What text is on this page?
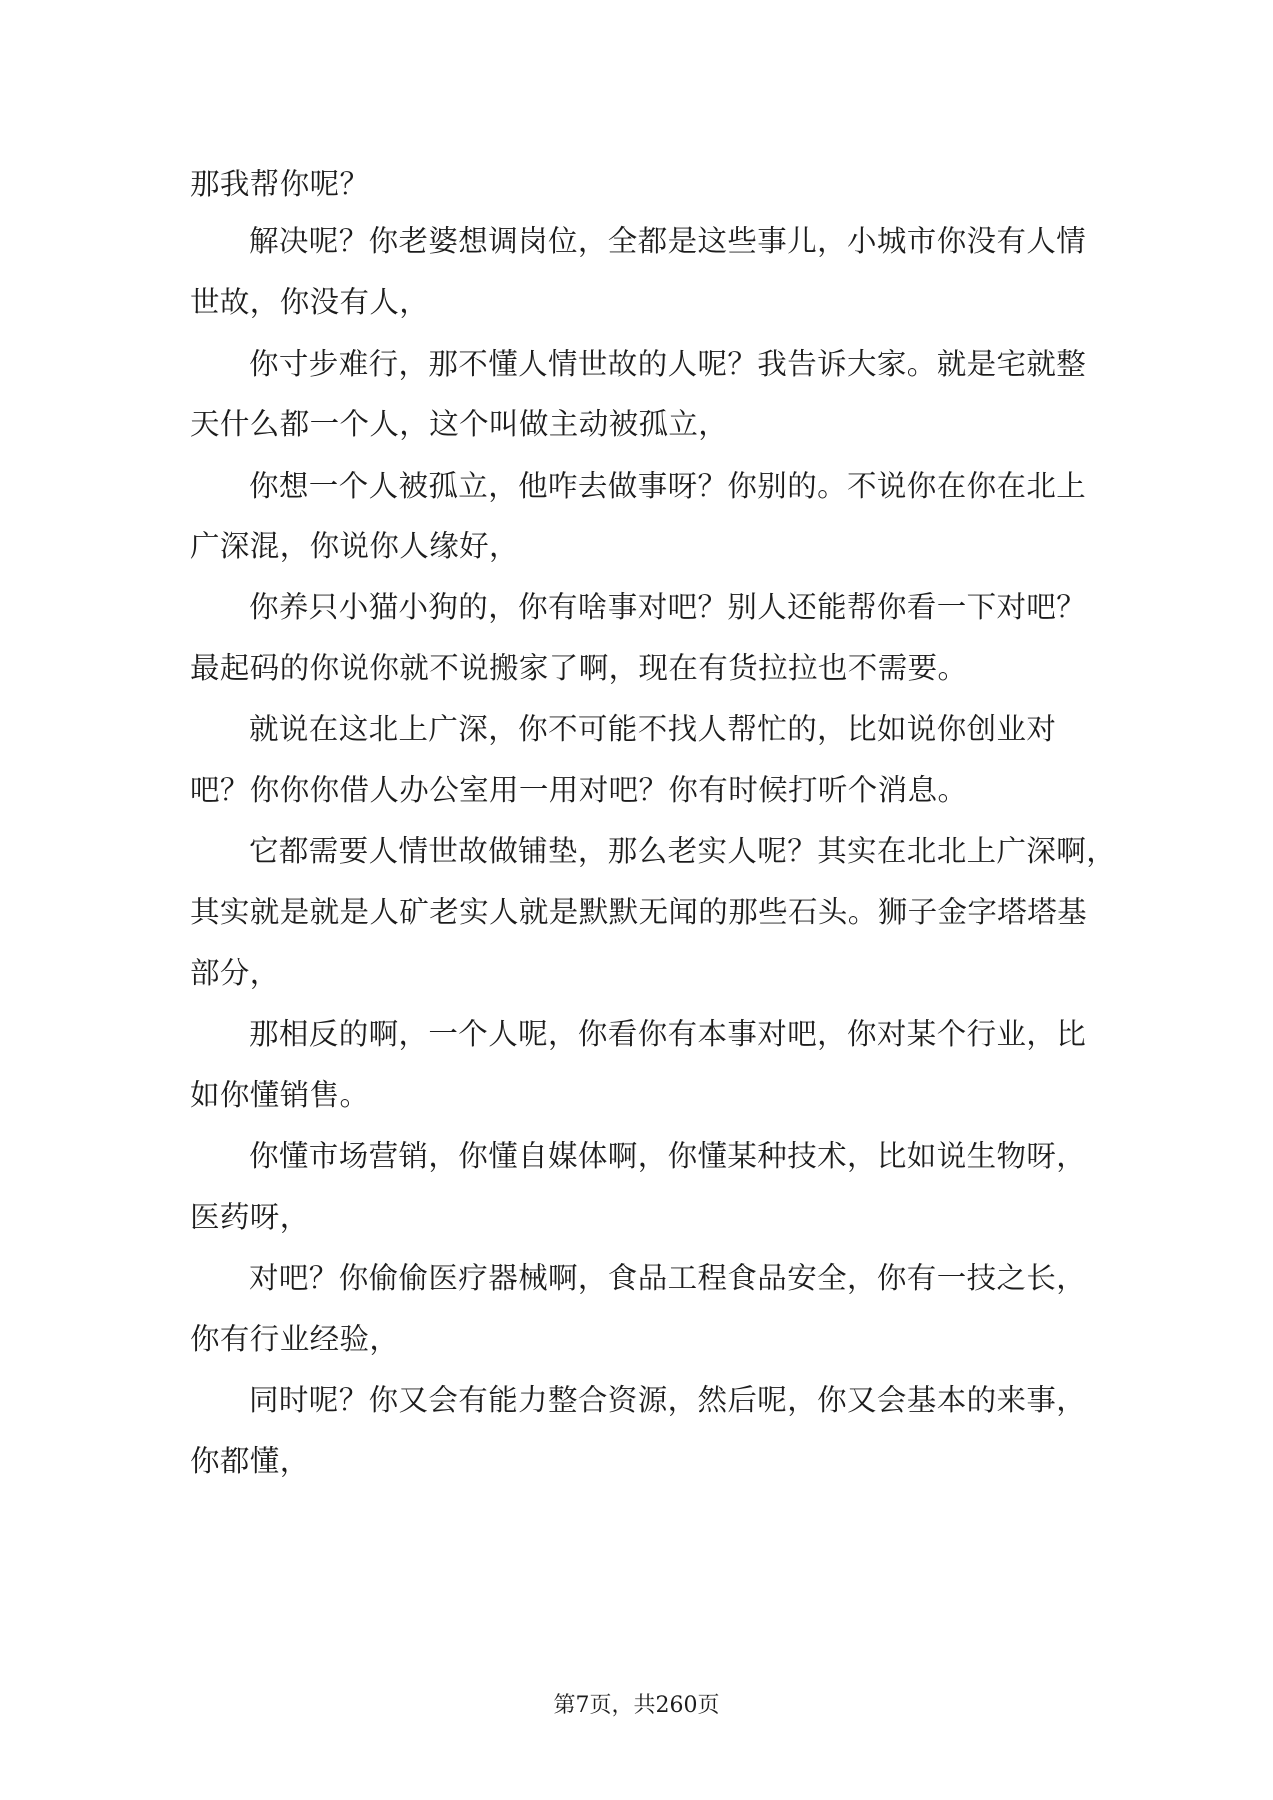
那我帮你呢？
解决呢？你老婆想调岗位，全都是这些事儿，小城市你没有人情
世故，你没有人，
你寸步难行，那不懂人情世故的人呢？我告诉大家。就是宅就整
天什么都一个人，这个叫做主动被孤立，
你想一个人被孤立，他咋去做事呀？你别的。不说你在你在北上
广深混，你说你人缘好，
你养只小猫小狗的，你有啥事对吧？别人还能帮你看一下对吧？
最起码的你说你就不说搬家了啊，现在有货拉拉也不需要。
就说在这北上广深，你不可能不找人帮忙的，比如说你创业对
吧？你你你借人办公室用一用对吧？你有时候打听个消息。
它都需要人情世故做铺垫，那么老实人呢？其实在北北上广深啊，
其实就是就是人矿老实人就是默默无闻的那些石头。狮子金字塔塔基
部分，
那相反的啊，一个人呢，你看你有本事对吧，你对某个行业，比
如你懂销售。
你懂市场营销，你懂自媒体啊，你懂某种技术，比如说生物呀，
医药呀，
对吧？你偷偷医疗器械啊，食品工程食品安全，你有一技之长，
你有行业经验，
同时呢？你又会有能力整合资源，然后呢，你又会基本的来事，
你都懂，
第7页，共260页
